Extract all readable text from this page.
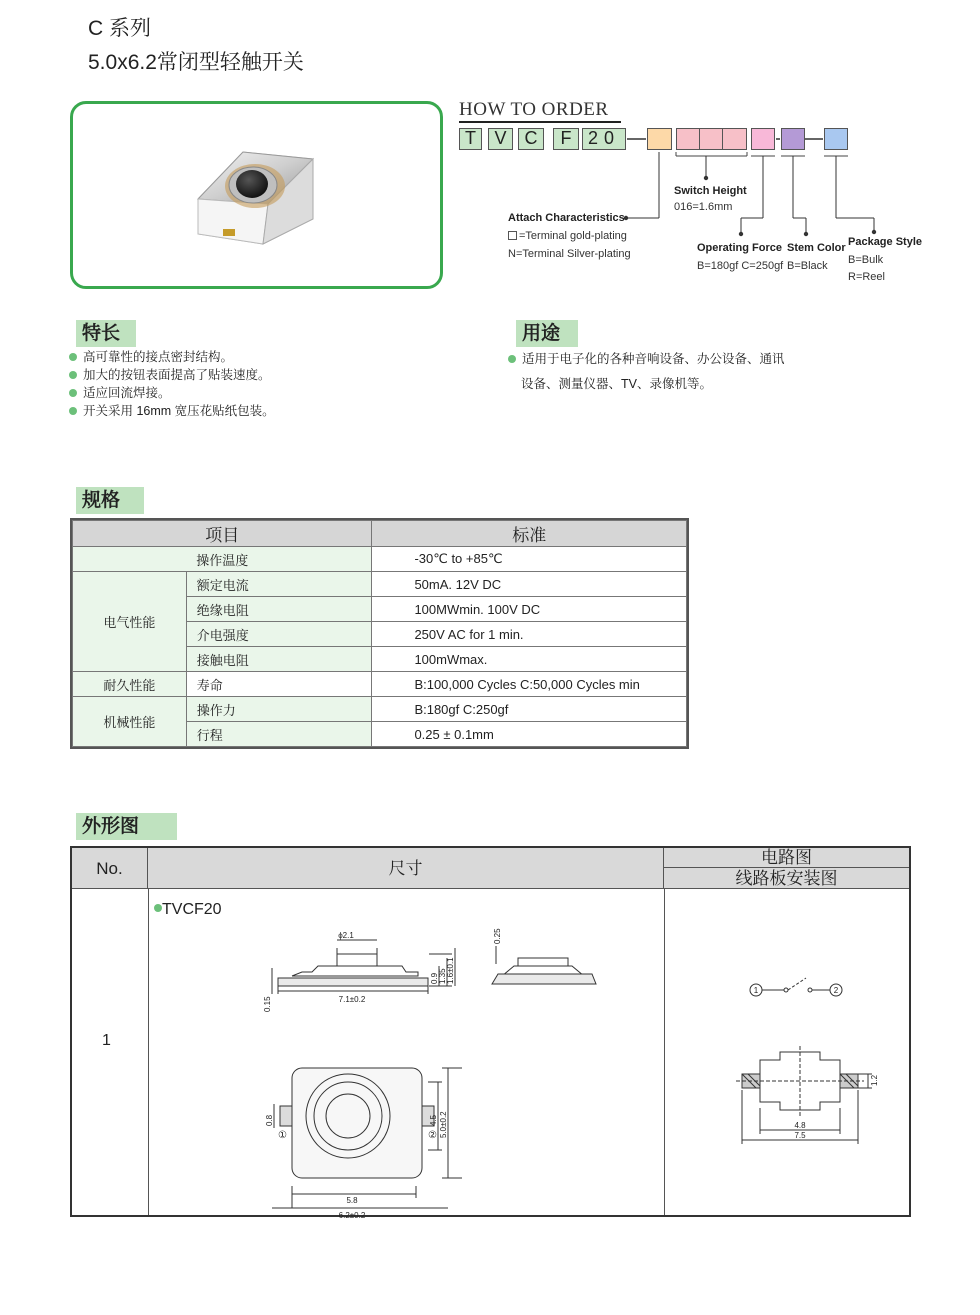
C 系列
5.0x6.2常闭型轻触开关
HOW TO ORDER
T	V	C	F 20
Switch Height
016=1.6mm
Attach Characteristics
=Terminal gold-plating
N=Terminal Silver-plating	Operating Force
B=180gf C=250gf
Stem Color
B=Black
Package Style
B=Bulk
R=Reel
特长
高可靠性的接点密封结构。
加大的按钮表面提高了贴装速度。
适应回流焊接。
开关采用 16mm 宽压花贴纸包装。
用途
适用于电子化的各种音响设备、办公设备、通讯
设备、测量仪器、TV、录像机等。
规格
项目		标准
操作温度		-30℃ to +85℃
电气性能	额定电流	50mA. 12V DC
	绝缘电阻	100MWmin. 100V DC
	介电强度	250V AC for 1 min.
	接触电阻	100mWmax.
耐久性能	寿命	B:100,000 Cycles C:50,000 Cycles min
机械性能	操作力	B:180gf C:250gf
	行程	0.25 ± 0.1mm
外形图
No.	尺寸
电路图
线路板安装图
1
TVCF20
ϕ2.1	0.25
0.9 1.35 1.6±0.1
0.15	7.1±0.2
0.8	4.5 5.0±0.2
5.8
6.2±0.2
①	②
1	2
4.8
7.5
1.2
